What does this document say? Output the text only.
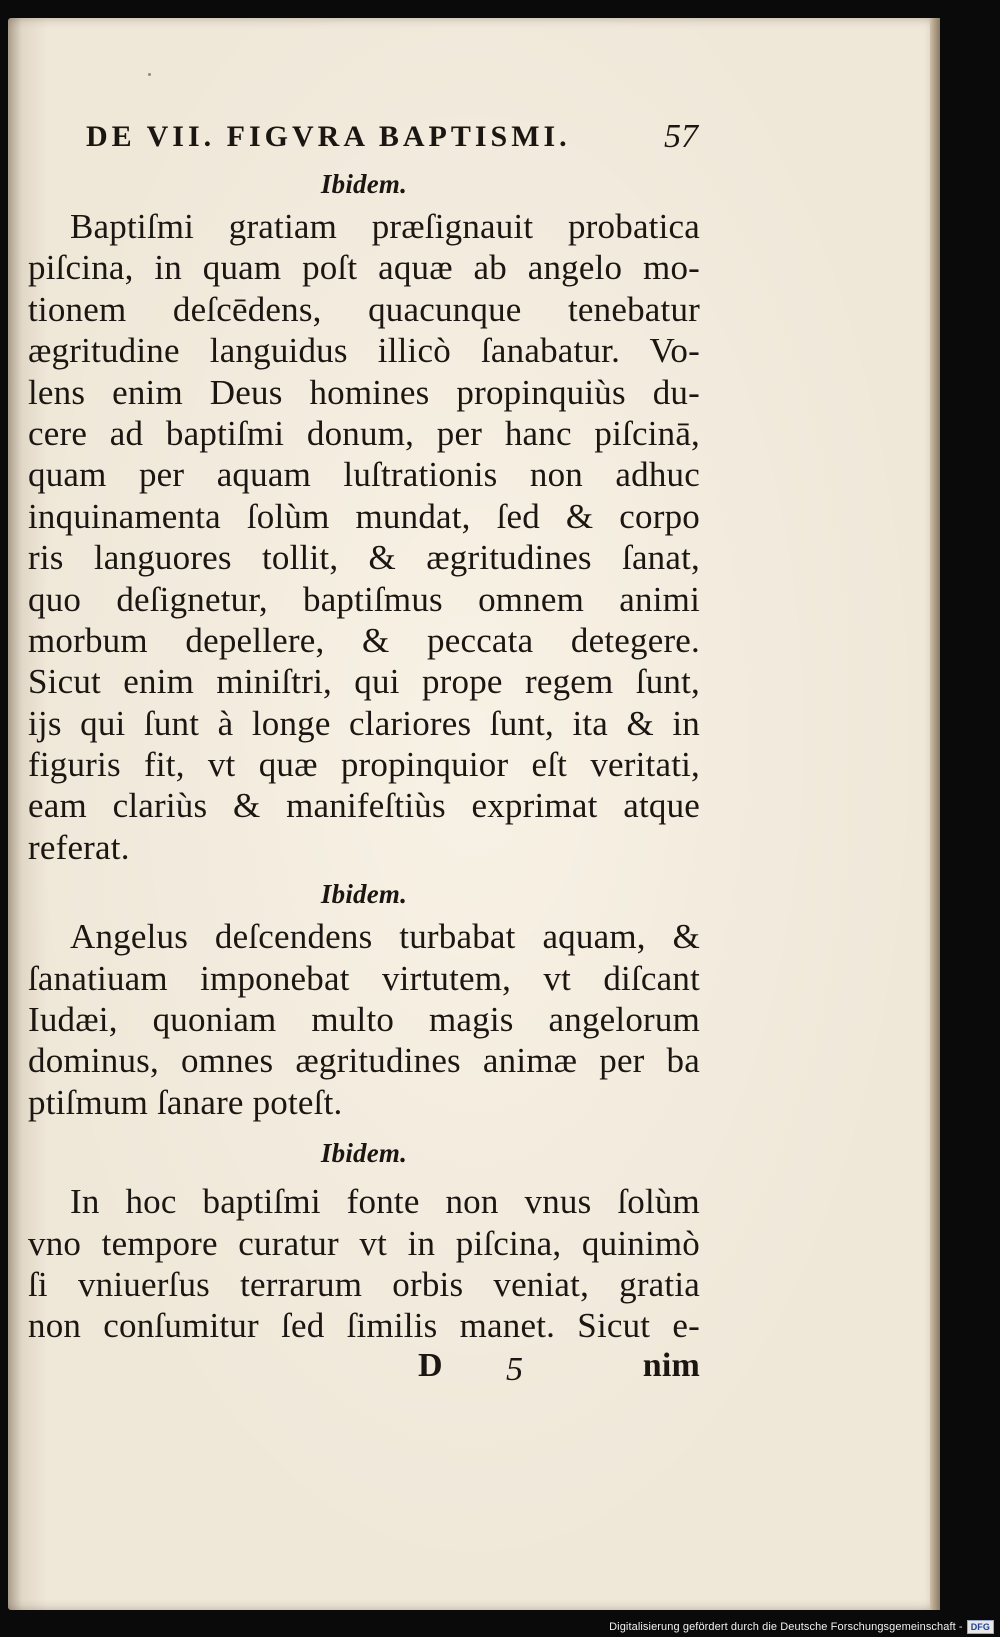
DE VII. FIGVRA BAPTISMI.	57
Ibidem.
Baptiſmi gratiam præſignauit probatica
piſcina, in quam poſt aquæ ab angelo mo-
tionem deſcēdens, quacunque tenebatur
ægritudine languidus illicò ſanabatur. Vo-
lens enim Deus homines propinquiùs du-
cere ad baptiſmi donum, per hanc piſcinā,
quam per aquam luſtrationis non adhuc
inquinamenta ſolùm mundat, ſed & corpo
ris languores tollit, & ægritudines ſanat,
quo deſignetur, baptiſmus omnem animi
morbum depellere, & peccata detegere.
Sicut enim miniſtri, qui prope regem ſunt,
ijs qui ſunt à longe clariores ſunt, ita & in
figuris fit, vt quæ propinquior eſt veritati,
eam clariùs & manifeſtiùs exprimat atque
referat.
Ibidem.
Angelus deſcendens turbabat aquam, &
ſanatiuam imponebat virtutem, vt diſcant
Iudæi, quoniam multo magis angelorum
dominus, omnes ægritudines animæ per ba
ptiſmum ſanare poteſt.
Ibidem.
In hoc baptiſmi fonte non vnus ſolùm
vno tempore curatur vt in piſcina, quinimò
ſi vniuerſus terrarum orbis veniat, gratia
non conſumitur ſed ſimilis manet. Sicut e-
D 5	nim
Digitalisierung gefördert durch die Deutsche Forschungsgemeinschaft - DFG
